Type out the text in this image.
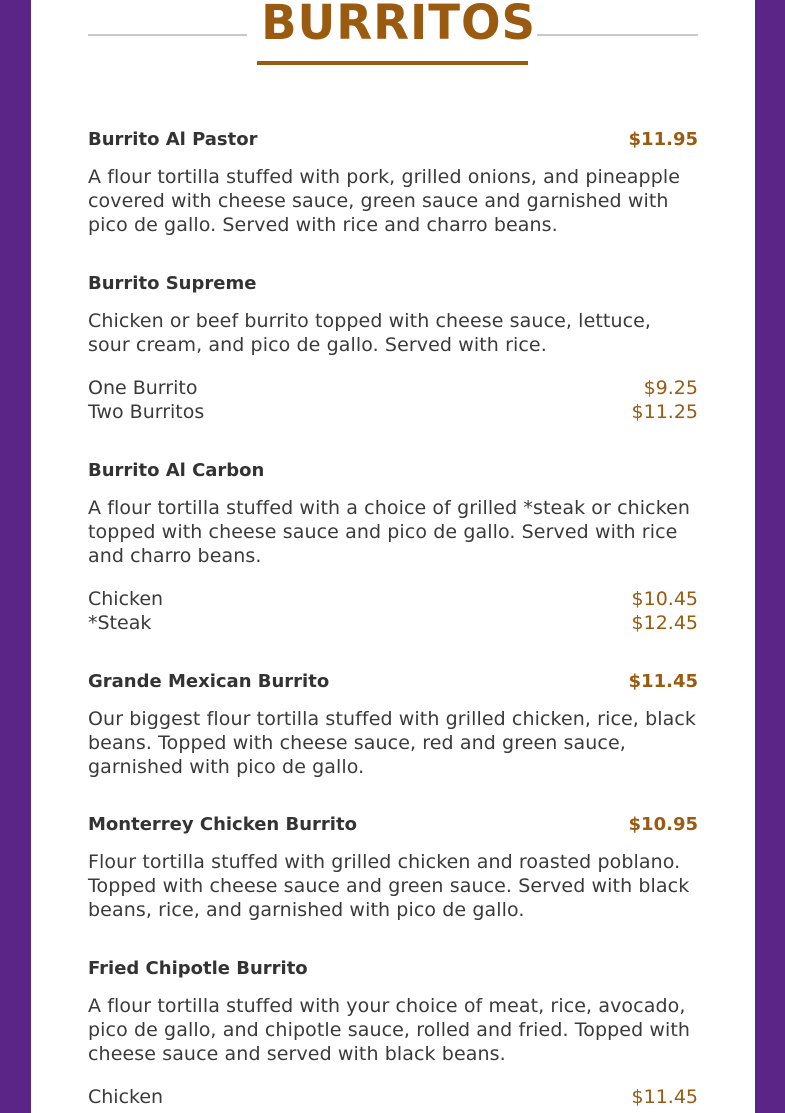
BURRITOS
Burrito Al Pastor	$11.95

A flour tortilla stuffed with pork, grilled onions, and pineapple covered with cheese sauce, green sauce and garnished with pico de gallo. Served with rice and charro beans.

Burrito Supreme

Chicken or beef burrito topped with cheese sauce, lettuce, sour cream, and pico de gallo. Served with rice.

One Burrito	$9.25
Two Burritos	$11.25
Burrito Al Carbon

A flour tortilla stuffed with a choice of grilled *steak or chicken topped with cheese sauce and pico de gallo. Served with rice and charro beans.

Chicken	$10.45
*Steak	$12.45
Grande Mexican Burrito	$11.45

Our biggest flour tortilla stuffed with grilled chicken, rice, black beans. Topped with cheese sauce, red and green sauce, garnished with pico de gallo.

Monterrey Chicken Burrito	$10.95

Flour tortilla stuffed with grilled chicken and roasted poblano. Topped with cheese sauce and green sauce. Served with black beans, rice, and garnished with pico de gallo.

Fried Chipotle Burrito

A flour tortilla stuffed with your choice of meat, rice, avocado, pico de gallo, and chipotle sauce, rolled and fried. Topped with cheese sauce and served with black beans.

Chicken	$11.45
